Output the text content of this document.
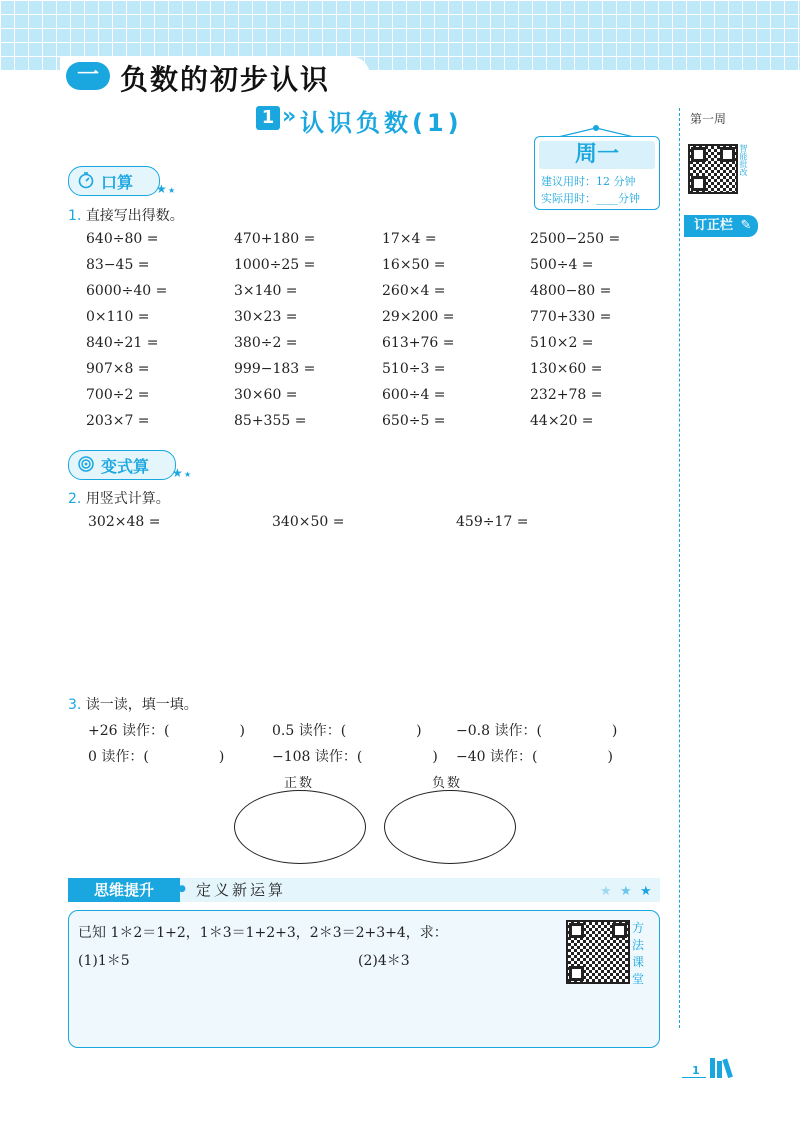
一 负数的初步认识
1 » 认识负数(1)
周一
建议用时：12 分钟
实际用时：____分钟
第一周
智能批改
订正栏 ✎
口算 ★ ★
1. 直接写出得数。
640÷80 =	470+180 =	17×4 =	2500−250 =
83−45 =	1000÷25 =	16×50 =	500÷4 =
6000÷40 =	3×140 =	260×4 =	4800−80 =
0×110 =	30×23 =	29×200 =	770+330 =
840÷21 =	380÷2 =	613+76 =	510×2 =
907×8 =	999−183 =	510÷3 =	130×60 =
700÷2 =	30×60 =	600÷4 =	232+78 =
203×7 =	85+355 =	650÷5 =	44×20 =
变式算 ★ ★
2. 用竖式计算。
302×48 =	340×50 =	459÷17 =
3. 读一读，填一填。
+26 读作：(　　　　　) 0.5 读作：(　　　　　) −0.8 读作：(　　　　　)
0 读作：(　　　　　)	−108 读作：(　　　　　) −40 读作：(　　　　　)
正数	负数
思维提升	● 定义新运算	★ ★ ★
已知 1＊2＝1+2，1＊3＝1+2+3，2＊3＝2+3+4，求：
(1)1＊5	(2)4＊3
方法课堂
1
